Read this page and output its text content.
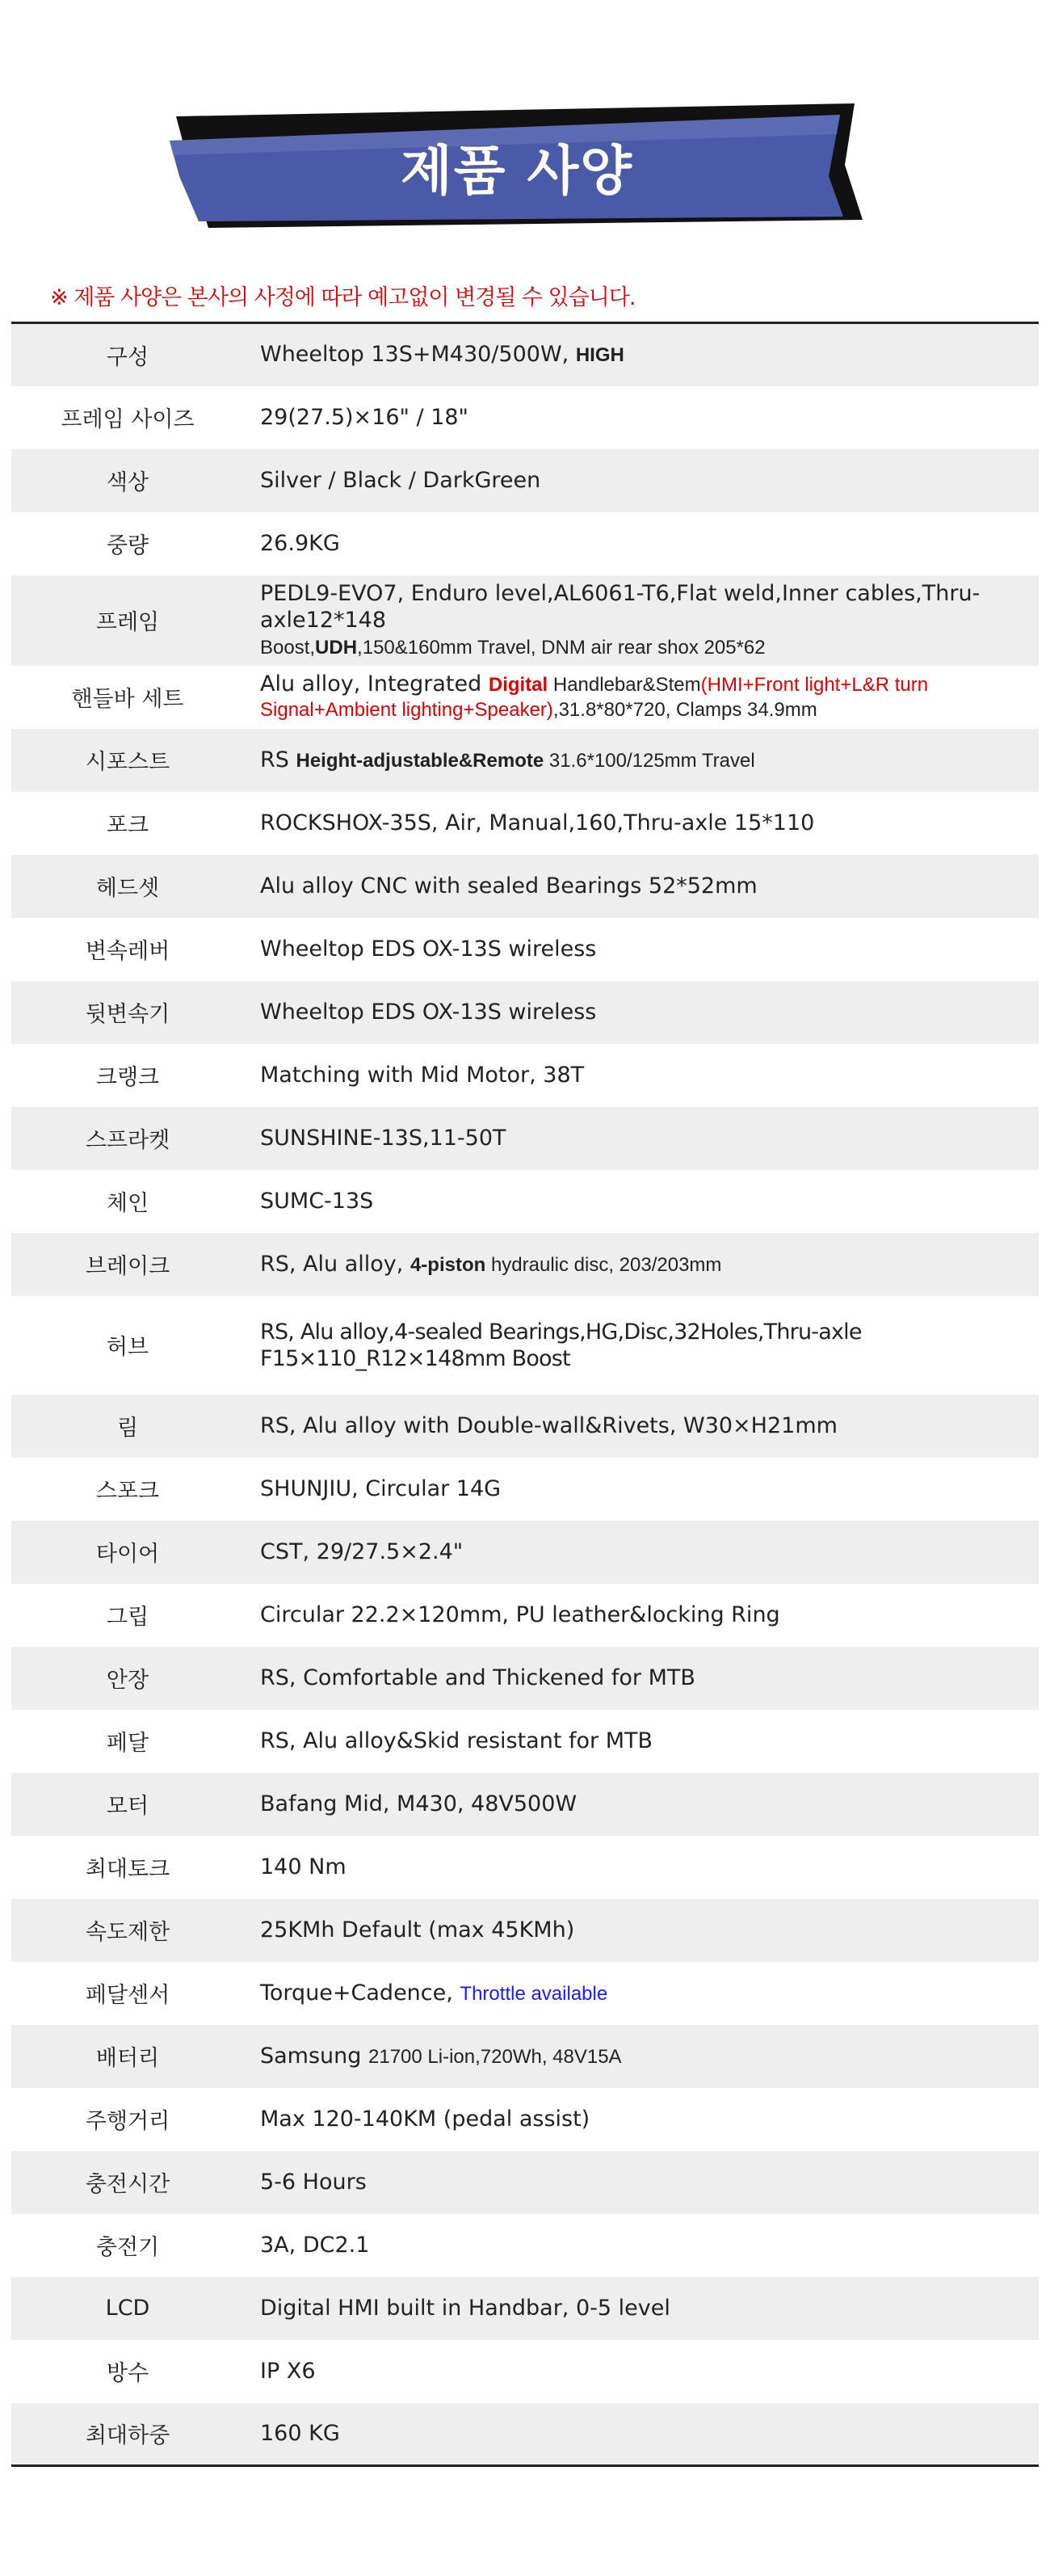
제품 사양
※ 제품 사양은 본사의 사정에 따라 예고없이 변경될 수 있습니다.
구성	Wheeltop 13S+M430/500W, HIGH
프레임 사이즈	29(27.5)×16" / 18"
색상	Silver / Black / DarkGreen
중량	26.9KG
프레임	PEDL9-EVO7, Enduro level,AL6061-T6,Flat weld,Inner cables,Thru-axle12*148
Boost,UDH,150&160mm Travel, DNM air rear shox 205*62
핸들바 세트	Alu alloy, Integrated Digital Handlebar&Stem(HMI+Front light+L&R turn Signal+Ambient lighting+Speaker),31.8*80*720, Clamps 34.9mm
시포스트	RS Height-adjustable&Remote 31.6*100/125mm Travel
포크	ROCKSHOX-35S, Air, Manual,160,Thru-axle 15*110
헤드셋	Alu alloy CNC with sealed Bearings 52*52mm
변속레버	Wheeltop EDS OX-13S wireless
뒷변속기	Wheeltop EDS OX-13S wireless
크랭크	Matching with Mid Motor, 38T
스프라켓	SUNSHINE-13S,11-50T
체인	SUMC-13S
브레이크	RS, Alu alloy, 4-piston hydraulic disc, 203/203mm
허브	RS, Alu alloy,4-sealed Bearings,HG,Disc,32Holes,Thru-axle F15×110_R12×148mm Boost
림	RS, Alu alloy with Double-wall&Rivets, W30×H21mm
스포크	SHUNJIU, Circular 14G
타이어	CST, 29/27.5×2.4"
그립	Circular 22.2×120mm, PU leather&locking Ring
안장	RS, Comfortable and Thickened for MTB
페달	RS, Alu alloy&Skid resistant for MTB
모터	Bafang Mid, M430, 48V500W
최대토크	140 Nm
속도제한	25KMh Default (max 45KMh)
페달센서	Torque+Cadence, Throttle available
배터리	Samsung 21700 Li-ion,720Wh, 48V15A
주행거리	Max 120-140KM (pedal assist)
충전시간	5-6 Hours
충전기	3A, DC2.1
LCD	Digital HMI built in Handbar, 0-5 level
방수	IP X6
최대하중	160 KG
